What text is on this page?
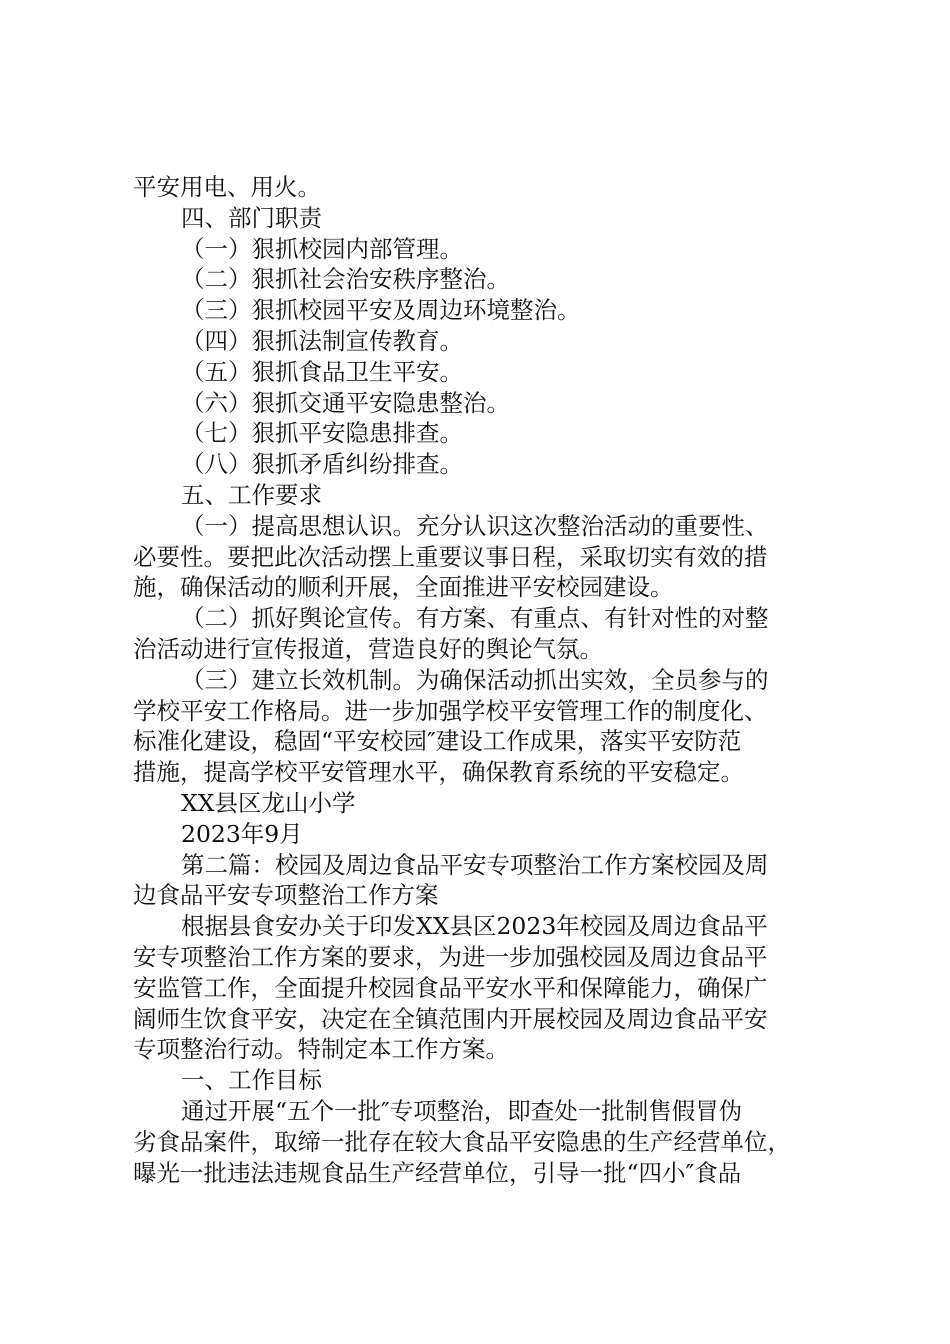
平安用电、用火。
四、部门职责
（一）狠抓校园内部管理。
（二）狠抓社会治安秩序整治。
（三）狠抓校园平安及周边环境整治。
（四）狠抓法制宣传教育。
（五）狠抓食品卫生平安。
（六）狠抓交通平安隐患整治。
（七）狠抓平安隐患排查。
（八）狠抓矛盾纠纷排查。
五、工作要求
（一）提高思想认识。充分认识这次整治活动的重要性、
必要性。要把此次活动摆上重要议事日程，采取切实有效的措
施，确保活动的顺利开展，全面推进平安校园建设。
（二）抓好舆论宣传。有方案、有重点、有针对性的对整
治活动进行宣传报道，营造良好的舆论气氛。
（三）建立长效机制。为确保活动抓出实效，全员参与的
学校平安工作格局。进一步加强学校平安管理工作的制度化、
标准化建设，稳固“平安校园″建设工作成果，落实平安防范
措施，提高学校平安管理水平，确保教育系统的平安稳定。
XX县区龙山小学
2023年9月
第二篇：校园及周边食品平安专项整治工作方案校园及周
边食品平安专项整治工作方案
根据县食安办关于印发XX县区2023年校园及周边食品平
安专项整治工作方案的要求，为进一步加强校园及周边食品平
安监管工作，全面提升校园食品平安水平和保障能力，确保广
阔师生饮食平安，决定在全镇范围内开展校园及周边食品平安
专项整治行动。特制定本工作方案。
一、工作目标
通过开展“五个一批″专项整治，即查处一批制售假冒伪
劣食品案件，取缔一批存在较大食品平安隐患的生产经营单位，
曝光一批违法违规食品生产经营单位，引导一批“四小″食品
